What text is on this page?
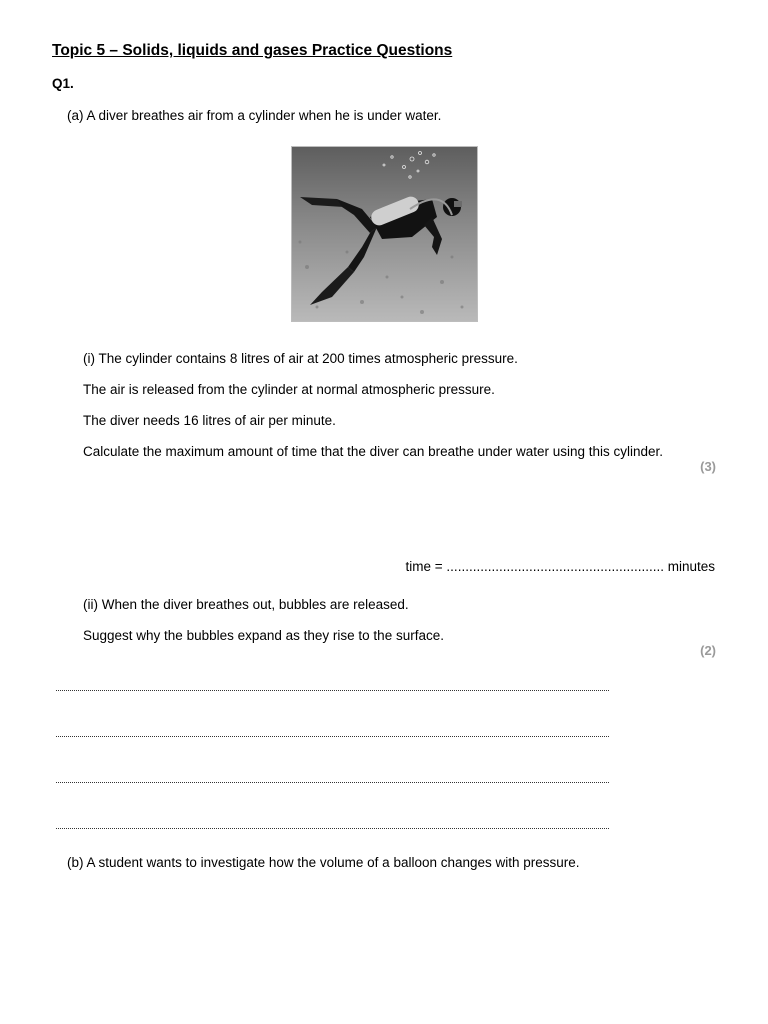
Topic 5 – Solids, liquids and gases Practice Questions
Q1.
(a) A diver breathes air from a cylinder when he is under water.
(i) The cylinder contains 8 litres of air at 200 times atmospheric pressure.
The air is released from the cylinder at normal atmospheric pressure.
The diver needs 16 litres of air per minute.
Calculate the maximum amount of time that the diver can breathe under water using this cylinder.
(3)
time = .......................................................... minutes
(ii) When the diver breathes out, bubbles are released.
Suggest why the bubbles expand as they rise to the surface.
(2)
(b) A student wants to investigate how the volume of a balloon changes with pressure.
